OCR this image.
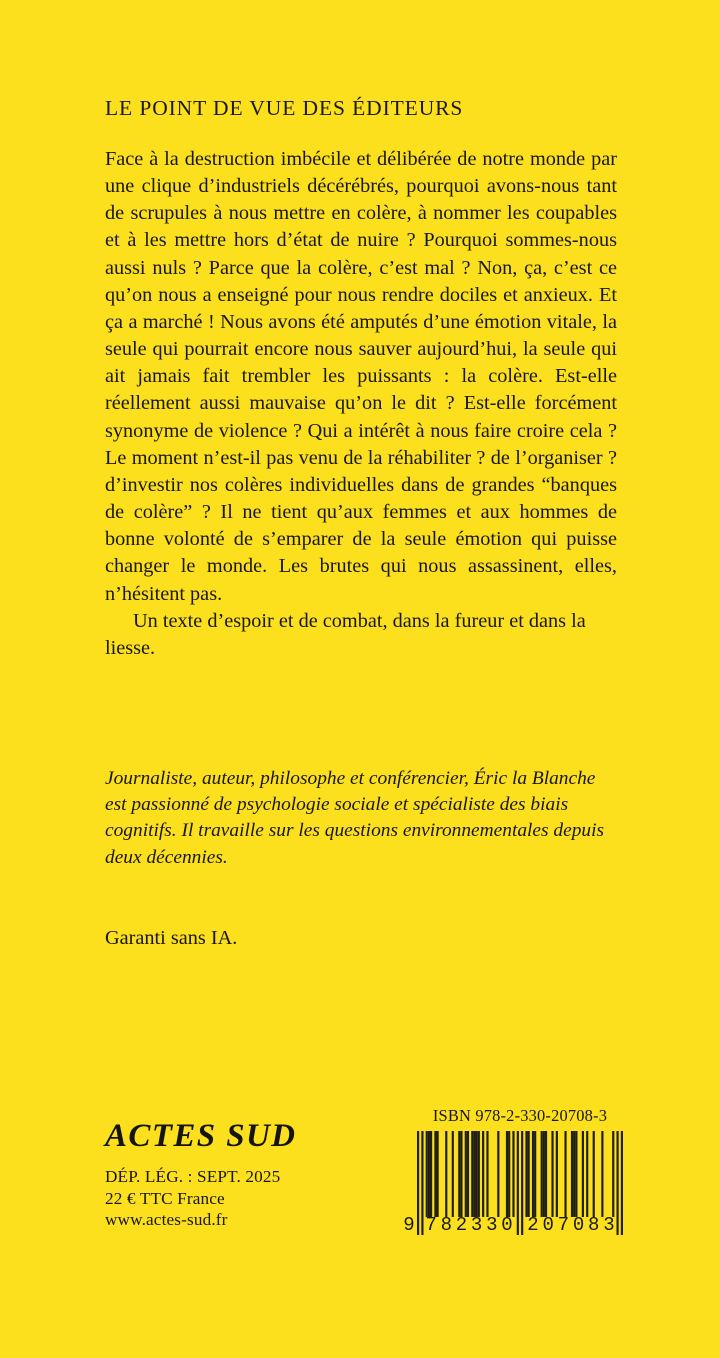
LE POINT DE VUE DES ÉDITEURS

Face à la destruction imbécile et délibérée de notre monde par une clique d’industriels décérébrés, pourquoi avons-nous tant de scrupules à nous mettre en colère, à nommer les coupables et à les mettre hors d’état de nuire ? Pourquoi sommes-nous aussi nuls ? Parce que la colère, c’est mal ? Non, ça, c’est ce qu’on nous a enseigné pour nous rendre dociles et anxieux. Et ça a marché ! Nous avons été amputés d’une émotion vitale, la seule qui pourrait encore nous sauver aujourd’hui, la seule qui ait jamais fait trembler les puissants : la colère. Est-elle réellement aussi mauvaise qu’on le dit ? Est-elle forcément synonyme de violence ? Qui a intérêt à nous faire croire cela ? Le moment n’est-il pas venu de la réhabiliter ? de l’organiser ? d’investir nos colères individuelles dans de grandes “banques de colère” ? Il ne tient qu’aux femmes et aux hommes de bonne volonté de s’emparer de la seule émotion qui puisse changer le monde. Les brutes qui nous assassinent, elles, n’hésitent pas.

Un texte d’espoir et de combat, dans la fureur et dans la liesse.

Journaliste, auteur, philosophe et conférencier, Éric la Blanche est passionné de psychologie sociale et spécialiste des biais cognitifs. Il travaille sur les questions environnementales depuis deux décennies.

Garanti sans IA.
ACTES SUD
DÉP. LÉG. : SEPT. 2025
22 € TTC France
www.actes-sud.fr
ISBN 978-2-330-20708-3
9 7 8 2 3 3 0 2 0 7 0 8 3
